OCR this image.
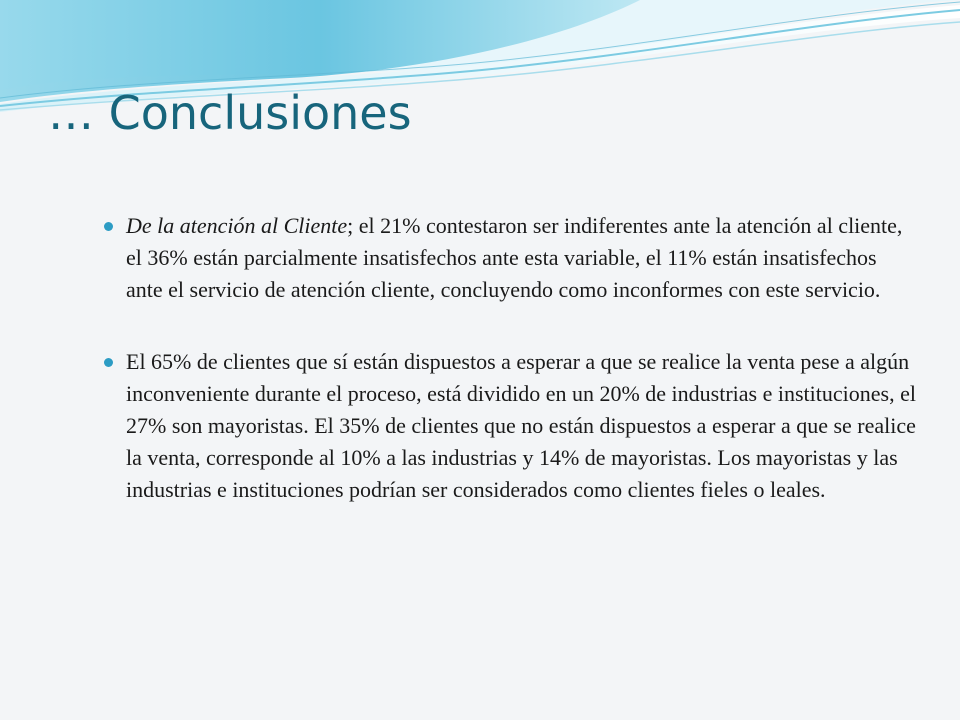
… Conclusiones

De la atención al Cliente; el 21% contestaron ser indiferentes ante la atención al cliente, el 36% están parcialmente insatisfechos ante esta variable, el 11% están insatisfechos ante el servicio de atención cliente, concluyendo como inconformes con este servicio.

El 65% de clientes que sí están dispuestos a esperar a que se realice la venta pese a algún inconveniente durante el proceso, está dividido en un 20% de industrias e instituciones, el 27% son mayoristas. El 35% de clientes que no están dispuestos a esperar a que se realice la venta, corresponde al 10% a las industrias y 14% de mayoristas. Los mayoristas y las industrias e instituciones podrían ser considerados como clientes fieles o leales.
